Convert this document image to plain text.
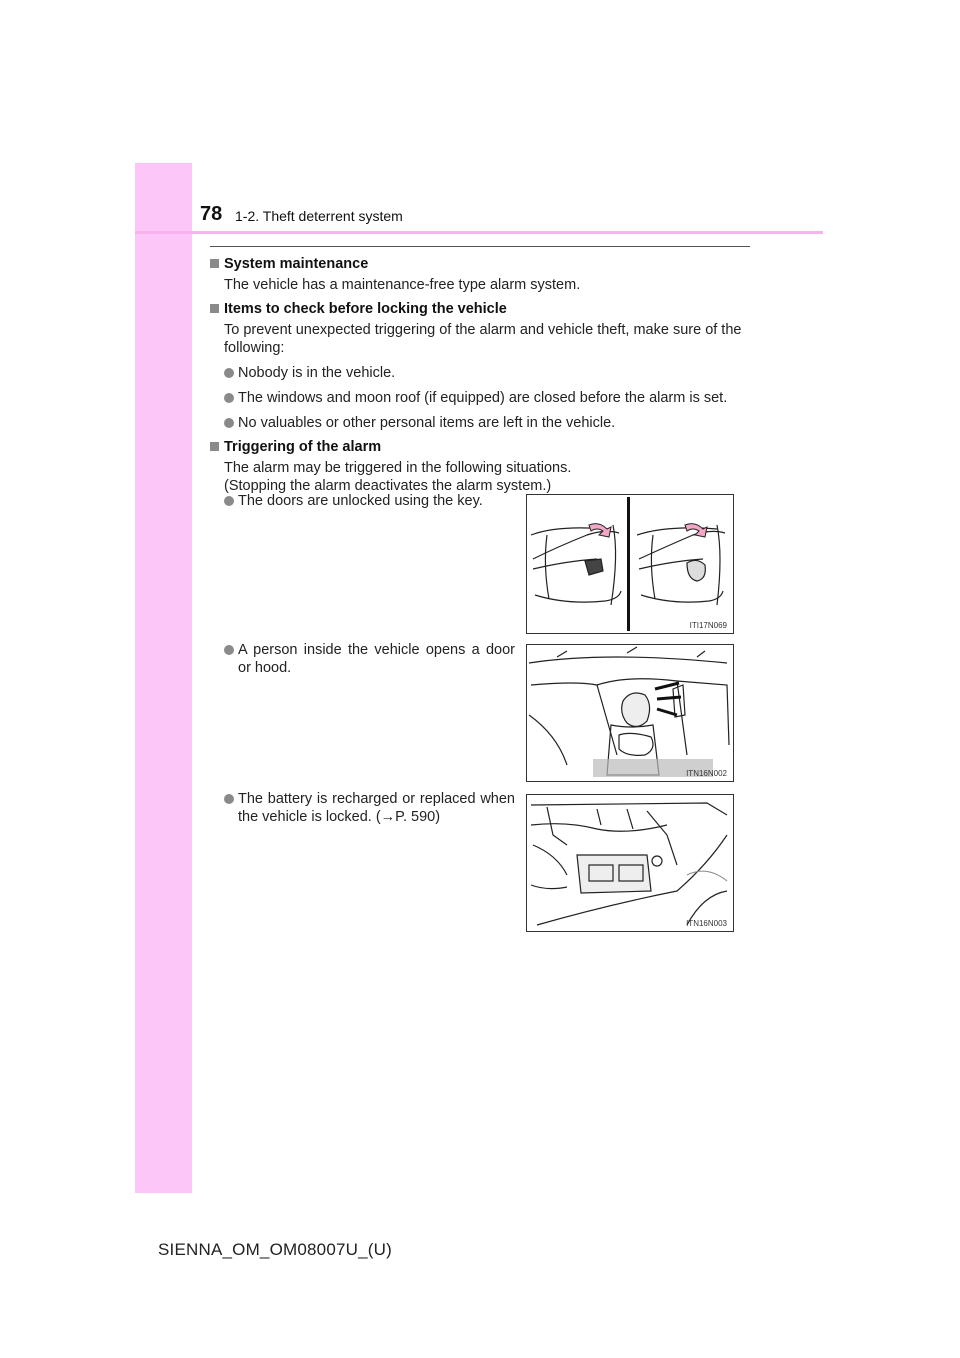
78 1-2. Theft deterrent system
System maintenance
The vehicle has a maintenance-free type alarm system.
Items to check before locking the vehicle
To prevent unexpected triggering of the alarm and vehicle theft, make sure of the following:
Nobody is in the vehicle.
The windows and moon roof (if equipped) are closed before the alarm is set.
No valuables or other personal items are left in the vehicle.
Triggering of the alarm
The alarm may be triggered in the following situations.
(Stopping the alarm deactivates the alarm system.)
The doors are unlocked using the key.
ITI17N069
A person inside the vehicle opens a door or hood.
ITN16N002
The battery is recharged or replaced when the vehicle is locked. (→P. 590)
ITN16N003
SIENNA_OM_OM08007U_(U)
